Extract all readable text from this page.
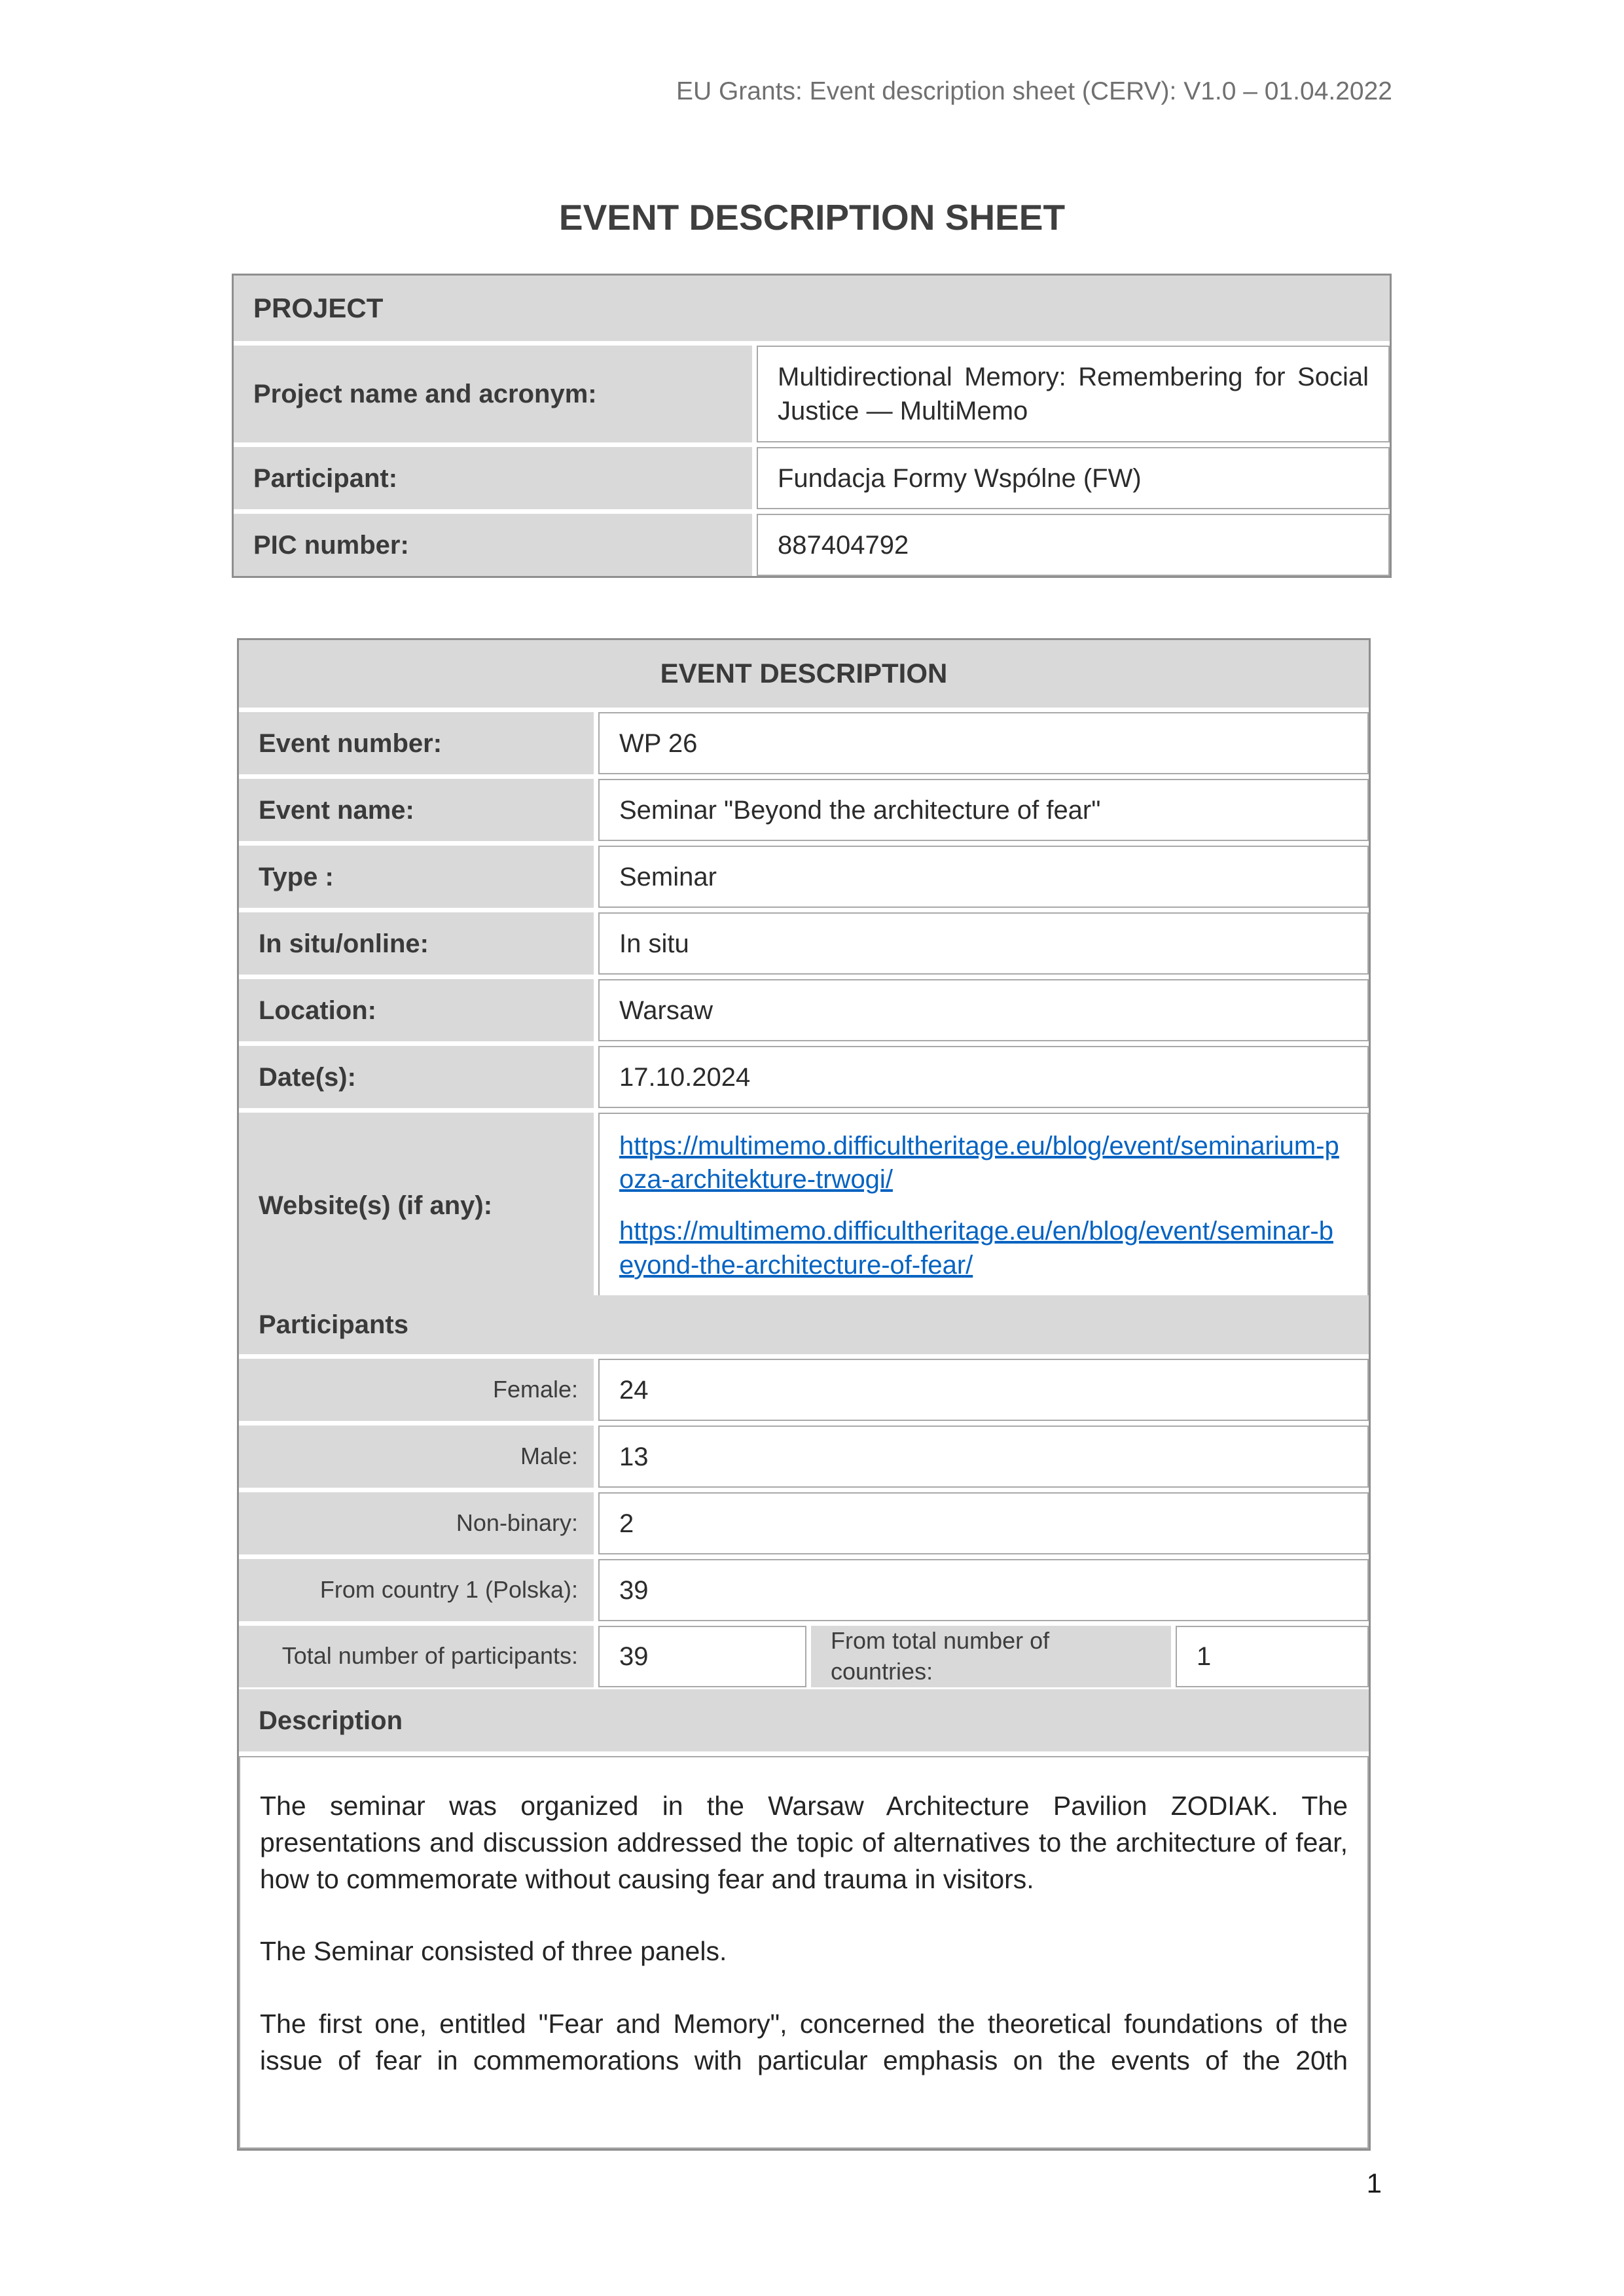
EU Grants: Event description sheet (CERV): V1.0 – 01.04.2022
EVENT DESCRIPTION SHEET
PROJECT
Project name and acronym:
Multidirectional Memory: Remembering for Social Justice — MultiMemo
Participant:	Fundacja Formy Wspólne (FW)
PIC number:	887404792
EVENT DESCRIPTION
Event number:	WP 26
Event name:	Seminar "Beyond the architecture of fear"
Type :	Seminar
In situ/online:	In situ
Location:	Warsaw
Date(s):	17.10.2024
Website(s) (if any):
https://multimemo.difficultheritage.eu/blog/event/seminarium-poza-architekture-trwogi/
https://multimemo.difficultheritage.eu/en/blog/event/seminar-beyond-the-architecture-of-fear/
Participants
Female:	24
Male:	13
Non-binary:	2
From country 1 (Polska):	39
Total number of participants:	39
From total number of countries:
1
Description

The seminar was organized in the Warsaw Architecture Pavilion ZODIAK. The presentations and discussion addressed the topic of alternatives to the architecture of fear, how to commemorate without causing fear and trauma in visitors.

The Seminar consisted of three panels.

The first one, entitled "Fear and Memory", concerned the theoretical foundations of the issue of fear in commemorations with particular emphasis on the events of the 20th

1
